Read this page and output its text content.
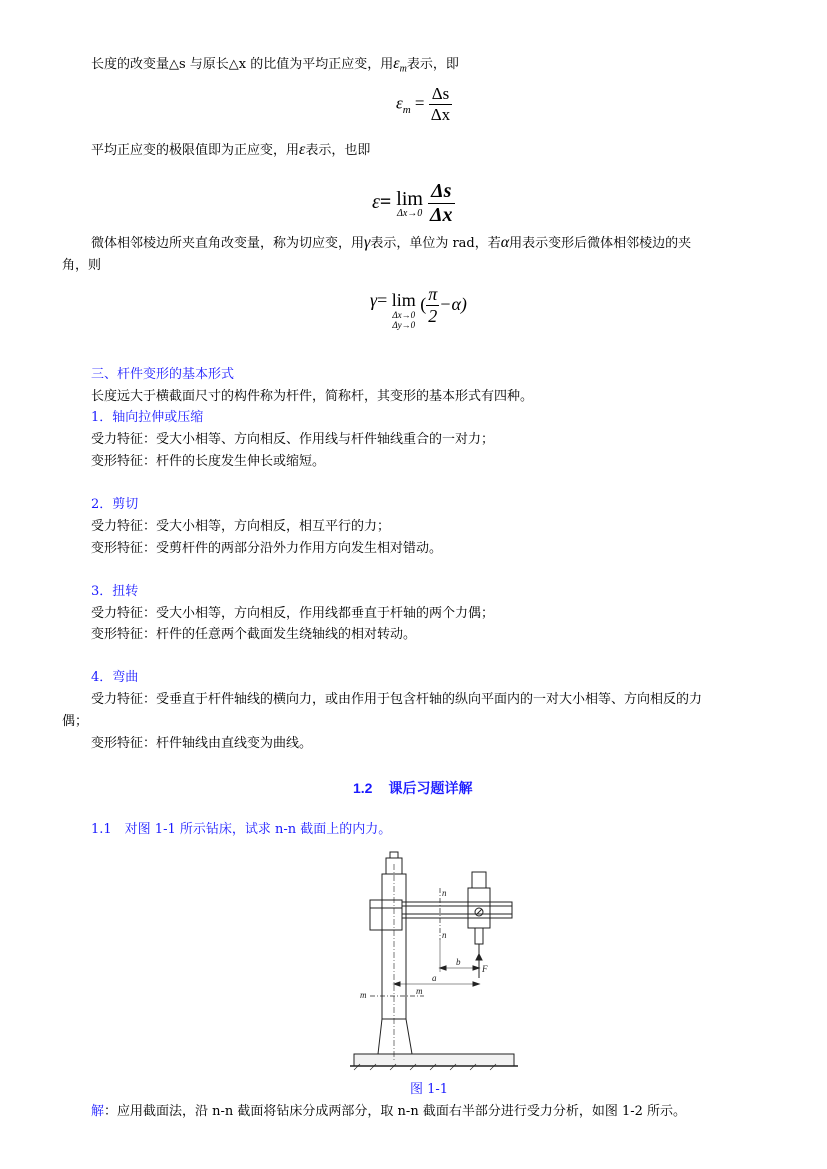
长度的改变量△s 与原长△x 的比值为平均正应变，用$\varepsilon_m$表示，即
$\varepsilon_m = \frac{\Delta s}{\Delta x}$
平均正应变的极限值即为正应变，用ε表示，也即
ε= lim
Δx→0
$\frac{\Delta s}{\Delta x}$
微体相邻棱边所夹直角改变量，称为切应变，用γ表示，单位为 rad，若α用表示变形后微体相邻棱边的夹
角，则
γ= lim
Δx→0
Δy→0
( $\frac{\pi}{2} -\alpha$)
三、杆件变形的基本形式
长度远大于横截面尺寸的构件称为杆件，简称杆，其变形的基本形式有四种。
1．轴向拉伸或压缩
受力特征：受大小相等、方向相反、作用线与杆件轴线重合的一对力；
变形特征：杆件的长度发生伸长或缩短。
2．剪切
受力特征：受大小相等，方向相反，相互平行的力；
变形特征：受剪杆件的两部分沿外力作用方向发生相对错动。
3．扭转
受力特征：受大小相等，方向相反，作用线都垂直于杆轴的两个力偶；
变形特征：杆件的任意两个截面发生绕轴线的相对转动。
4．弯曲
受力特征：受垂直于杆件轴线的横向力，或由作用于包含杆轴的纵向平面内的一对大小相等、方向相反的力
偶；
变形特征：杆件轴线由直线变为曲线。
1.2 课后习题详解
1.1　对图 1-1 所示钻床，试求 n-n 截面上的内力。
n
n
m	m
a
b
F
图 1-1
解：应用截面法，沿 n-n 截面将钻床分成两部分，取 n-n 截面右半部分进行受力分析，如图 1-2 所示。
